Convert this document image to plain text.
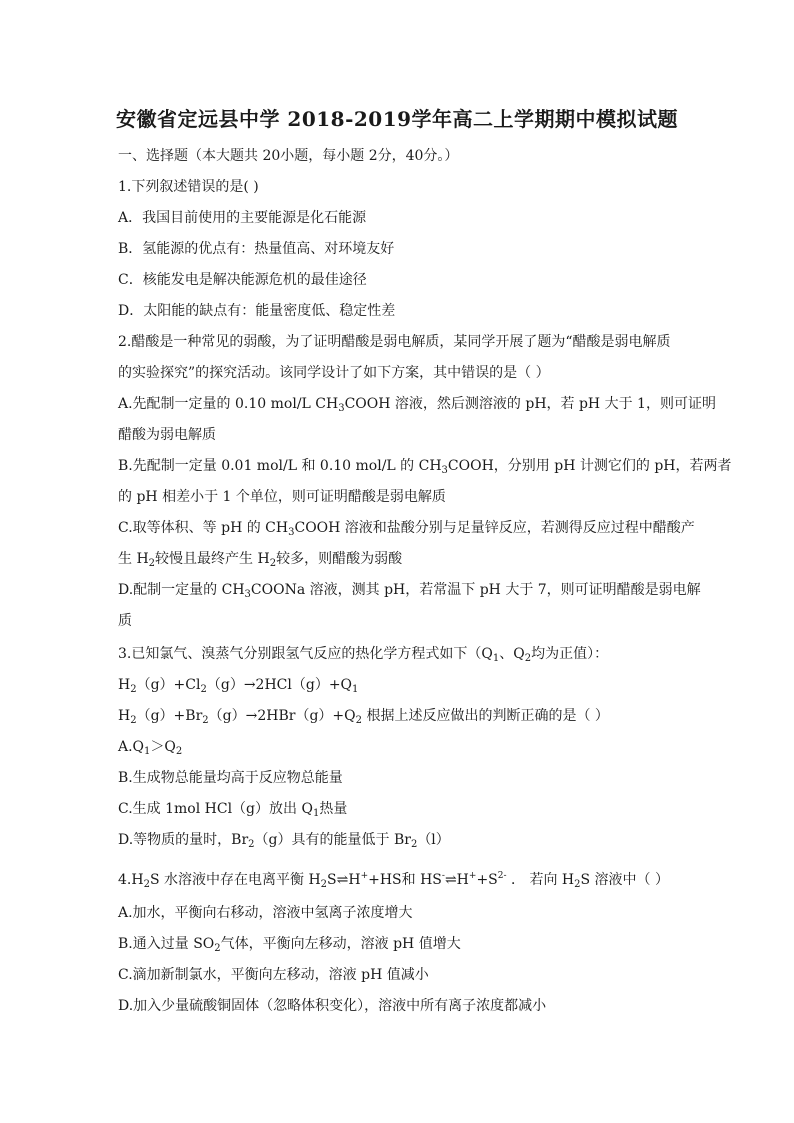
安徽省定远县中学 2018-2019学年高二上学期期中模拟试题
一、选择题（本大题共 20小题，每小题 2分，40分。）
1.下列叙述错误的是( )
A．我国目前使用的主要能源是化石能源
B．氢能源的优点有：热量值高、对环境友好
C．核能发电是解决能源危机的最佳途径
D．太阳能的缺点有：能量密度低、稳定性差
2.醋酸是一种常见的弱酸，为了证明醋酸是弱电解质，某同学开展了题为“醋酸是弱电解质
的实验探究”的探究活动。该同学设计了如下方案，其中错误的是（ ）
A.先配制一定量的 0.10 mol/L $CH_3COOH$ 溶液，然后测溶液的 pH，若 pH 大于 1，则可证明
醋酸为弱电解质
B.先配制一定量 0.01 mol/L 和 0.10 mol/L 的 $CH_3COOH$，分别用 pH 计测它们的 pH，若两者
的 pH 相差小于 1 个单位，则可证明醋酸是弱电解质
C.取等体积、等 pH 的 $CH_3COOH$ 溶液和盐酸分别与足量锌反应，若测得反应过程中醋酸产
生 $H_2$较慢且最终产生 $H_2$较多，则醋酸为弱酸
D.配制一定量的 $CH_3COONa$ 溶液，测其 pH，若常温下 pH 大于 7，则可证明醋酸是弱电解
质
3.已知氯气、溴蒸气分别跟氢气反应的热化学方程式如下（$Q_1$、$Q_2$均为正值）：
$H_2(g)+Cl_2(g)\to 2HCl(g)+Q_1$
$H_2(g)+Br_2(g)\to 2HBr(g)+Q_2$ 根据上述反应做出的判断正确的是（ ）
$A.Q_1>Q_2$
B.生成物总能量均高于反应物总能量
C.生成 1mol HCl（g）放出 $Q_1$热量
D.等物质的量时，$Br_2(g)$具有的能量低于 $Br_2(l)$
$4.H_2S$ 水溶液中存在电离平衡 $H_2S\rightleftharpoons H^++HS$和 $HS^-\rightleftharpoons H^++S^{2-}$ ． 若向 $H_2S$ 溶液中（ ）
A.加水，平衡向右移动，溶液中氢离子浓度增大
B.通入过量 $SO_2$气体，平衡向左移动，溶液 pH 值增大
C.滴加新制氯水，平衡向左移动，溶液 pH 值减小
D.加入少量硫酸铜固体（忽略体积变化），溶液中所有离子浓度都减小
